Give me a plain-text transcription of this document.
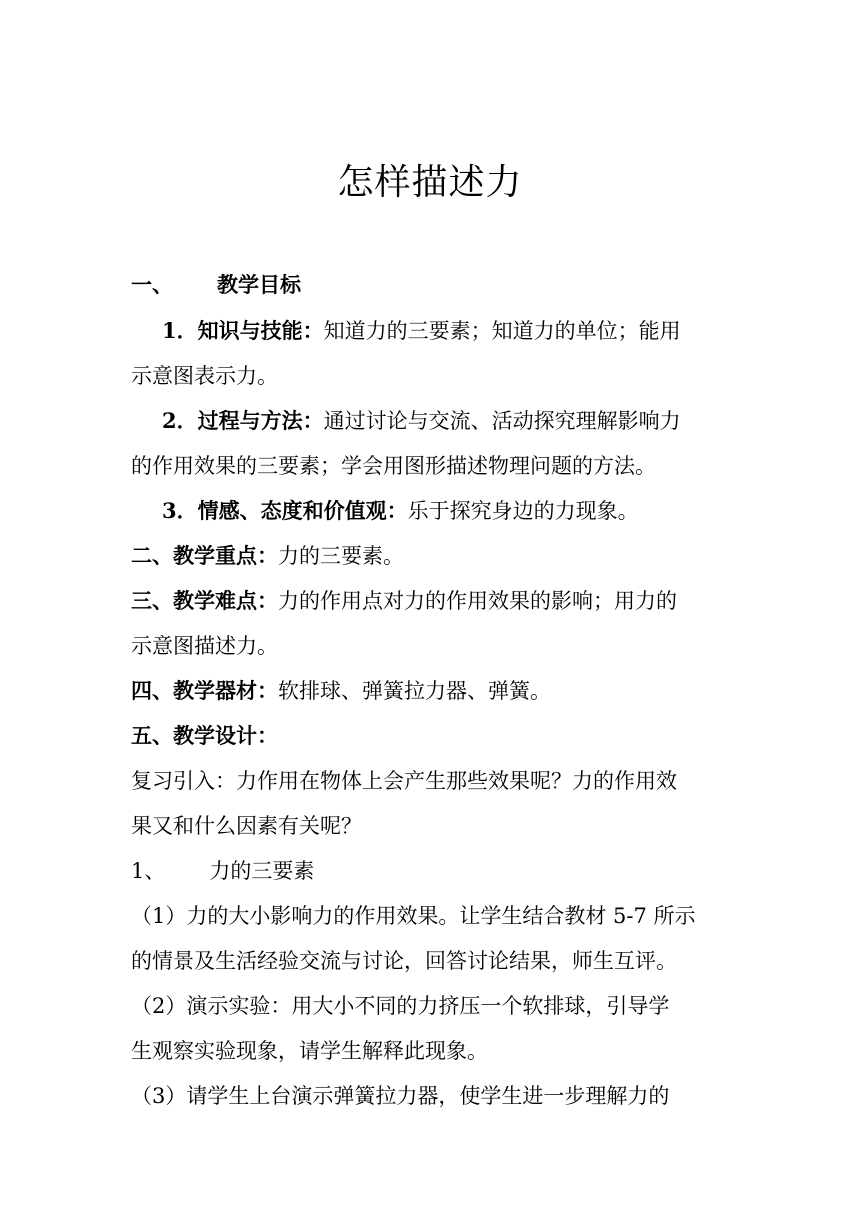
怎样描述力
一、 教学目标
1．知识与技能：知道力的三要素；知道力的单位；能用
示意图表示力。
2．过程与方法：通过讨论与交流、活动探究理解影响力
的作用效果的三要素；学会用图形描述物理问题的方法。
3．情感、态度和价值观：乐于探究身边的力现象。
二、教学重点：力的三要素。
三、教学难点：力的作用点对力的作用效果的影响；用力的
示意图描述力。
四、教学器材：软排球、弹簧拉力器、弹簧。
五、教学设计：
复习引入：力作用在物体上会产生那些效果呢？力的作用效
果又和什么因素有关呢？
1、 力的三要素
（1）力的大小影响力的作用效果。让学生结合教材 5-7 所示
的情景及生活经验交流与讨论，回答讨论结果，师生互评。
（2）演示实验：用大小不同的力挤压一个软排球，引导学
生观察实验现象，请学生解释此现象。
（3）请学生上台演示弹簧拉力器，使学生进一步理解力的
